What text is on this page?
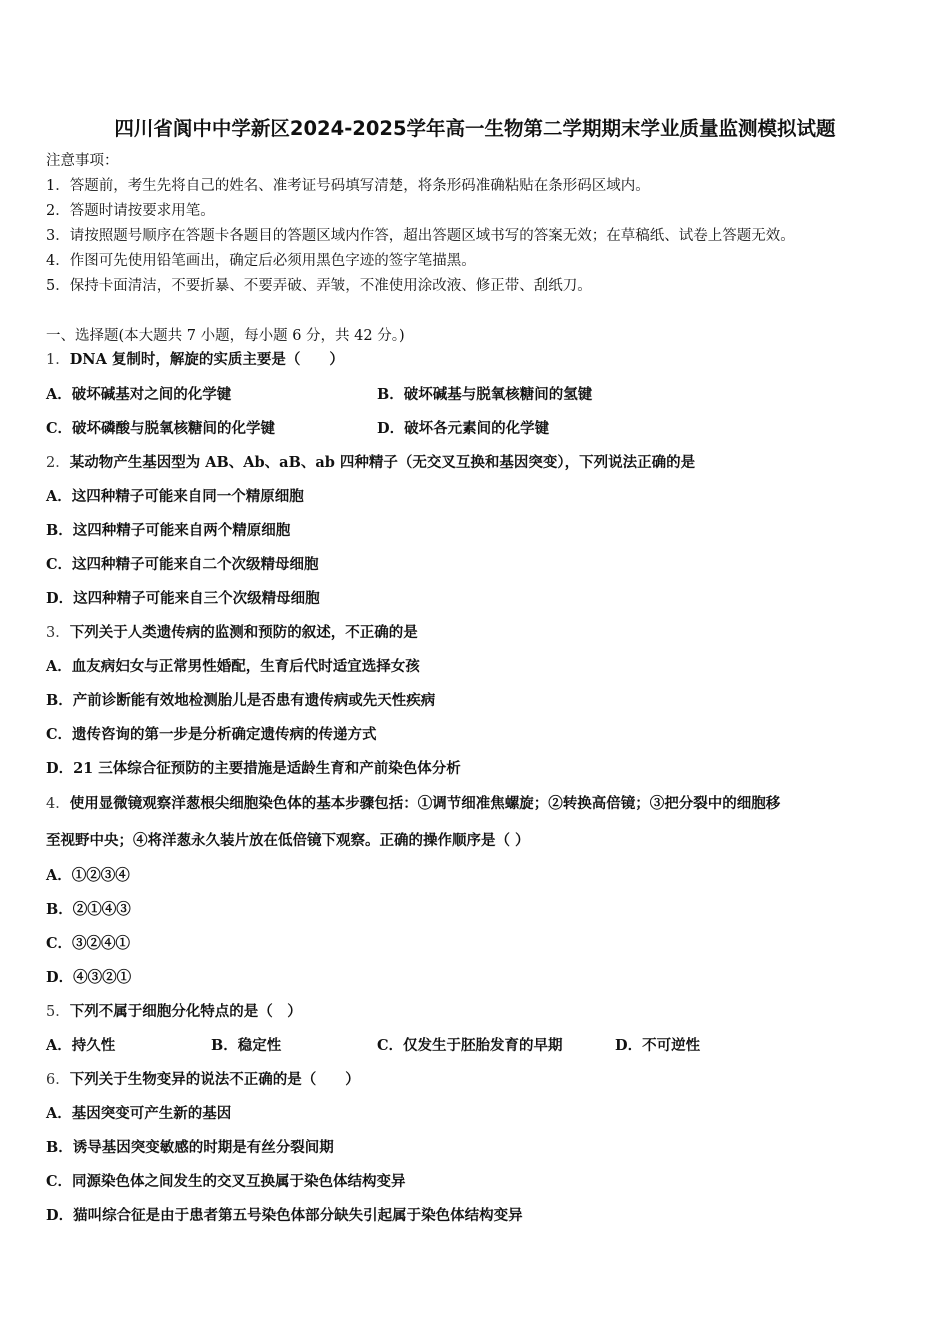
四川省阆中中学新区2024-2025学年高一生物第二学期期末学业质量监测模拟试题
注意事项：
1．答题前，考生先将自己的姓名、准考证号码填写清楚，将条形码准确粘贴在条形码区域内。
2．答题时请按要求用笔。
3．请按照题号顺序在答题卡各题目的答题区域内作答，超出答题区域书写的答案无效；在草稿纸、试卷上答题无效。
4．作图可先使用铅笔画出，确定后必须用黑色字迹的签字笔描黑。
5．保持卡面清洁，不要折暴、不要弄破、弄皱，不准使用涂改液、修正带、刮纸刀。
一、选择题(本大题共 7 小题，每小题 6 分，共 42 分。)
1．DNA 复制时，解旋的实质主要是（　　）
A．破坏碱基对之间的化学键	B．破坏碱基与脱氧核糖间的氢键
C．破坏磷酸与脱氧核糖间的化学键	D．破坏各元素间的化学键
2．某动物产生基因型为 AB、Ab、aB、ab 四种精子（无交叉互换和基因突变），下列说法正确的是
A．这四种精子可能来自同一个精原细胞
B．这四种精子可能来自两个精原细胞
C．这四种精子可能来自二个次级精母细胞
D．这四种精子可能来自三个次级精母细胞
3．下列关于人类遗传病的监测和预防的叙述，不正确的是
A．血友病妇女与正常男性婚配，生育后代时适宜选择女孩
B．产前诊断能有效地检测胎儿是否患有遗传病或先天性疾病
C．遗传咨询的第一步是分析确定遗传病的传递方式
D．21 三体综合征预防的主要措施是适龄生育和产前染色体分析
4．使用显微镜观察洋葱根尖细胞染色体的基本步骤包括：①调节细准焦螺旋；②转换高倍镜；③把分裂中的细胞移
至视野中央；④将洋葱永久装片放在低倍镜下观察。正确的操作顺序是（ ）
A．①②③④
B．②①④③
C．③②④①
D．④③②①
5．下列不属于细胞分化特点的是（　）
A．持久性	B．稳定性	C．仅发生于胚胎发育的早期	D．不可逆性
6．下列关于生物变异的说法不正确的是（　　）
A．基因突变可产生新的基因
B．诱导基因突变敏感的时期是有丝分裂间期
C．同源染色体之间发生的交叉互换属于染色体结构变异
D．猫叫综合征是由于患者第五号染色体部分缺失引起属于染色体结构变异
